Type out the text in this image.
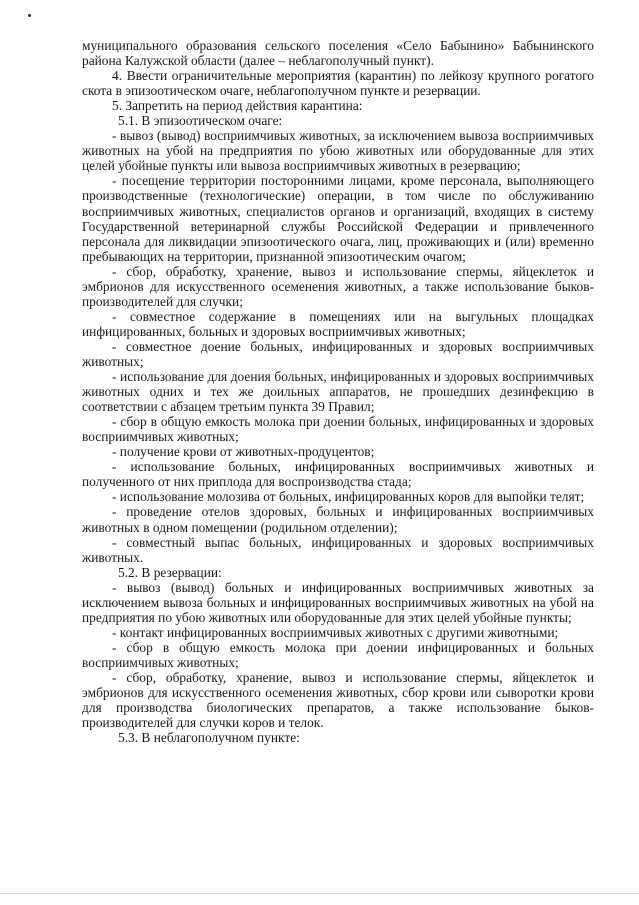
муниципального образования сельского поселения «Село Бабынино» Бабынинского района Калужской области (далее – неблагополучный пункт).

4. Ввести ограничительные мероприятия (карантин) по лейкозу крупного рогатого скота в эпизоотическом очаге, неблагополучном пункте и резервации.

5. Запретить на период действия карантина:

5.1. В эпизоотическом очаге:

- вывоз (вывод) восприимчивых животных, за исключением вывоза восприимчивых животных на убой на предприятия по убою животных или оборудованные для этих целей убойные пункты или вывоза восприимчивых животных в резервацию;

- посещение территории посторонними лицами, кроме персонала, выполняющего производственные (технологические) операции, в том числе по обслуживанию восприимчивых животных, специалистов органов и организаций, входящих в систему Государственной ветеринарной службы Российской Федерации и привлеченного персонала для ликвидации эпизоотического очага, лиц, проживающих и (или) временно пребывающих на территории, признанной эпизоотическим очагом;

- сбор, обработку, хранение, вывоз и использование спермы, яйцеклеток и эмбрионов для искусственного осеменения животных, а также использование быков-производителей для случки;

- совместное содержание в помещениях или на выгульных площадках инфицированных, больных и здоровых восприимчивых животных;

- совместное доение больных, инфицированных и здоровых восприимчивых животных;

- использование для доения больных, инфицированных и здоровых восприимчивых животных одних и тех же доильных аппаратов, не прошедших дезинфекцию в соответствии с абзацем третьим пункта 39 Правил;

- сбор в общую емкость молока при доении больных, инфицированных и здоровых восприимчивых животных;

- получение крови от животных-продуцентов;

- использование больных, инфицированных восприимчивых животных и полученного от них приплода для воспроизводства стада;

- использование молозива от больных, инфицированных коров для выпойки телят;

- проведение отелов здоровых, больных и инфицированных восприимчивых животных в одном помещении (родильном отделении);

- совместный выпас больных, инфицированных и здоровых восприимчивых животных.

5.2. В резервации:

- вывоз (вывод) больных и инфицированных восприимчивых животных за исключением вывоза больных и инфицированных восприимчивых животных на убой на предприятия по убою животных или оборудованные для этих целей убойные пункты;

- контакт инфицированных восприимчивых животных с другими животными;

- сбор в общую емкость молока при доении инфицированных и больных восприимчивых животных;

- сбор, обработку, хранение, вывоз и использование спермы, яйцеклеток и эмбрионов для искусственного осеменения животных, сбор крови или сыворотки крови для производства биологических препаратов, а также использование быков-производителей для случки коров и телок.

5.3. В неблагополучном пункте:
